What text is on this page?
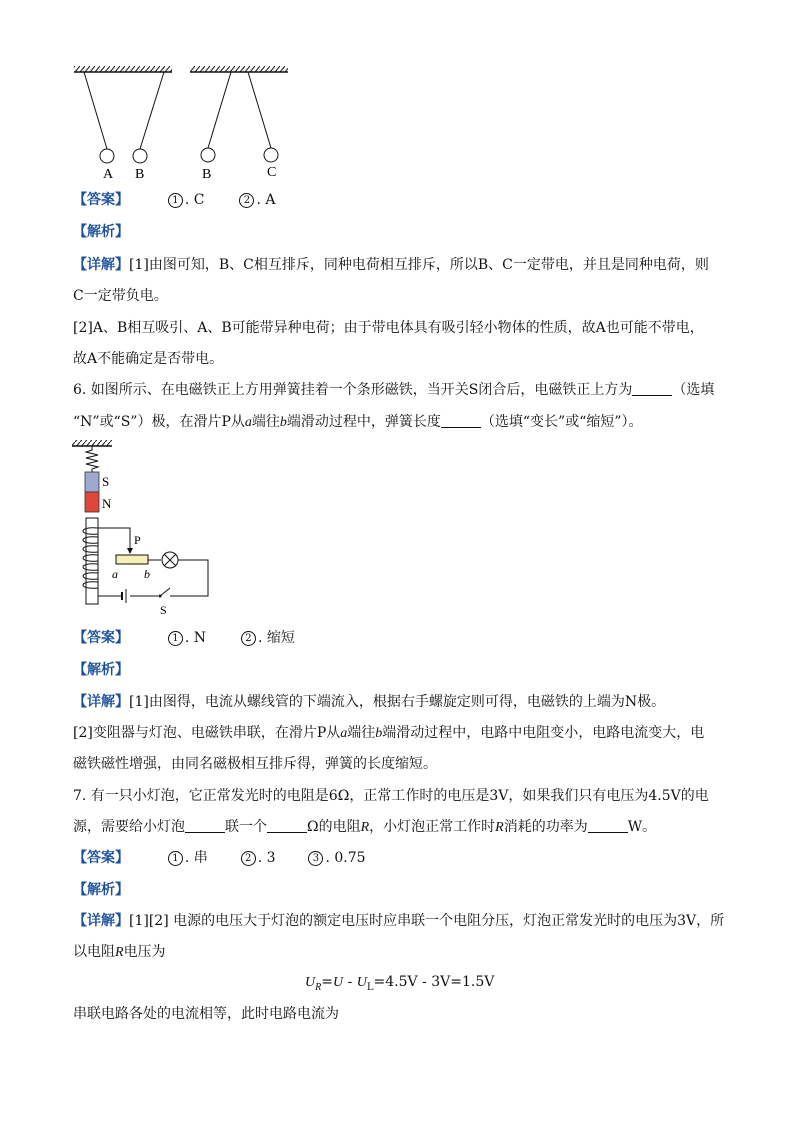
A B	B	C
【答案】	1 . C	2 . A
【解析】
【详解】[1]由图可知，B、C相互排斥，同种电荷相互排斥，所以B、C一定带电，并且是同种电荷，则
C一定带负电。
[2]A、B相互吸引、A、B可能带异种电荷；由于带电体具有吸引轻小物体的性质，故A也可能不带电，
故A不能确定是否带电。
6. 如图所示、在电磁铁正上方用弹簧挂着一个条形磁铁，当开关S闭合后，电磁铁正上方为	（选填
“N”或“S”）极，在滑片P从a端往b端滑动过程中，弹簧长度	（选填“变长”或“缩短”）。
S
N
P
a b
S
【答案】	1 . N	2 . 缩短
【解析】
【详解】[1]由图得，电流从螺线管的下端流入，根据右手螺旋定则可得，电磁铁的上端为N极。
[2]变阻器与灯泡、电磁铁串联，在滑片P从a端往b端滑动过程中，电路中电阻变小，电路电流变大，电
磁铁磁性增强，由同名磁极相互排斥得，弹簧的长度缩短。
7. 有一只小灯泡，它正常发光时的电阻是6Ω，正常工作时的电压是3V，如果我们只有电压为4.5V的电
源，需要给小灯泡	联一个	Ω的电阻R，小灯泡正常工作时R消耗的功率为	W。
【答案】	1 . 串	2 . 3	3 . 0.75
【解析】
【详解】[1][2] 电源的电压大于灯泡的额定电压时应串联一个电阻分压，灯泡正常发光时的电压为3V，所
以电阻R电压为
$U_R=U - U_L=4.5V - 3V=1.5V$
串联电路各处的电流相等，此时电路电流为
